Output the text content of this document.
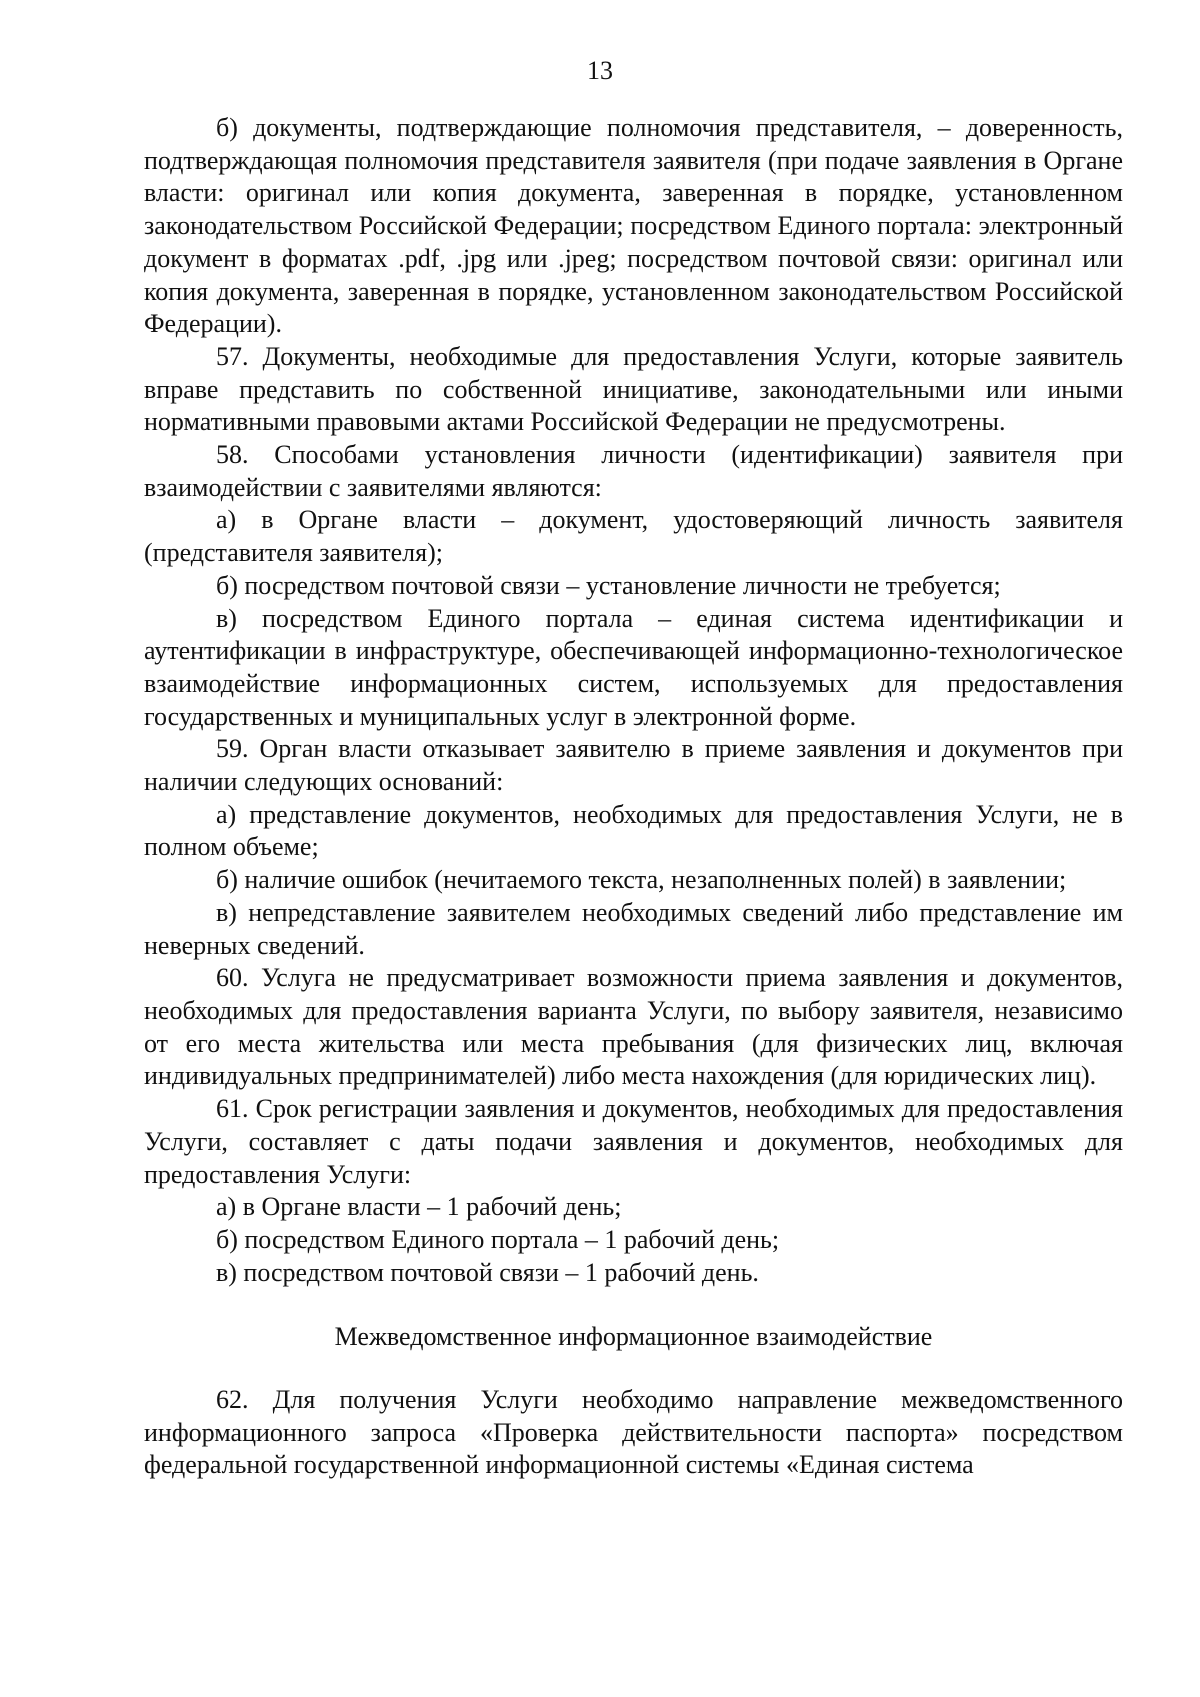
13

б) документы, подтверждающие полномочия представителя, – доверенность, подтверждающая полномочия представителя заявителя (при подаче заявления в Органе власти: оригинал или копия документа, заверенная в порядке, установленном законодательством Российской Федерации; посредством Единого портала: электронный документ в форматах .pdf, .jpg или .jpeg; посредством почтовой связи: оригинал или копия документа, заверенная в порядке, установленном законодательством Российской Федерации).

57. Документы, необходимые для предоставления Услуги, которые заявитель вправе представить по собственной инициативе, законодательными или иными нормативными правовыми актами Российской Федерации не предусмотрены.

58. Способами установления личности (идентификации) заявителя при взаимодействии с заявителями являются:

а) в Органе власти – документ, удостоверяющий личность заявителя (представителя заявителя);

б) посредством почтовой связи – установление личности не требуется;

в) посредством Единого портала – единая система идентификации и аутентификации в инфраструктуре, обеспечивающей информационно-технологическое взаимодействие информационных систем, используемых для предоставления государственных и муниципальных услуг в электронной форме.

59. Орган власти отказывает заявителю в приеме заявления и документов при наличии следующих оснований:

а) представление документов, необходимых для предоставления Услуги, не в полном объеме;

б) наличие ошибок (нечитаемого текста, незаполненных полей) в заявлении;

в) непредставление заявителем необходимых сведений либо представление им неверных сведений.

60. Услуга не предусматривает возможности приема заявления и документов, необходимых для предоставления варианта Услуги, по выбору заявителя, независимо от его места жительства или места пребывания (для физических лиц, включая индивидуальных предпринимателей) либо места нахождения (для юридических лиц).

61. Срок регистрации заявления и документов, необходимых для предоставления Услуги, составляет с даты подачи заявления и документов, необходимых для предоставления Услуги:

а) в Органе власти – 1 рабочий день;

б) посредством Единого портала – 1 рабочий день;

в) посредством почтовой связи – 1 рабочий день.

Межведомственное информационное взаимодействие

62. Для получения Услуги необходимо направление межведомственного информационного запроса «Проверка действительности паспорта» посредством федеральной государственной информационной системы «Единая система
